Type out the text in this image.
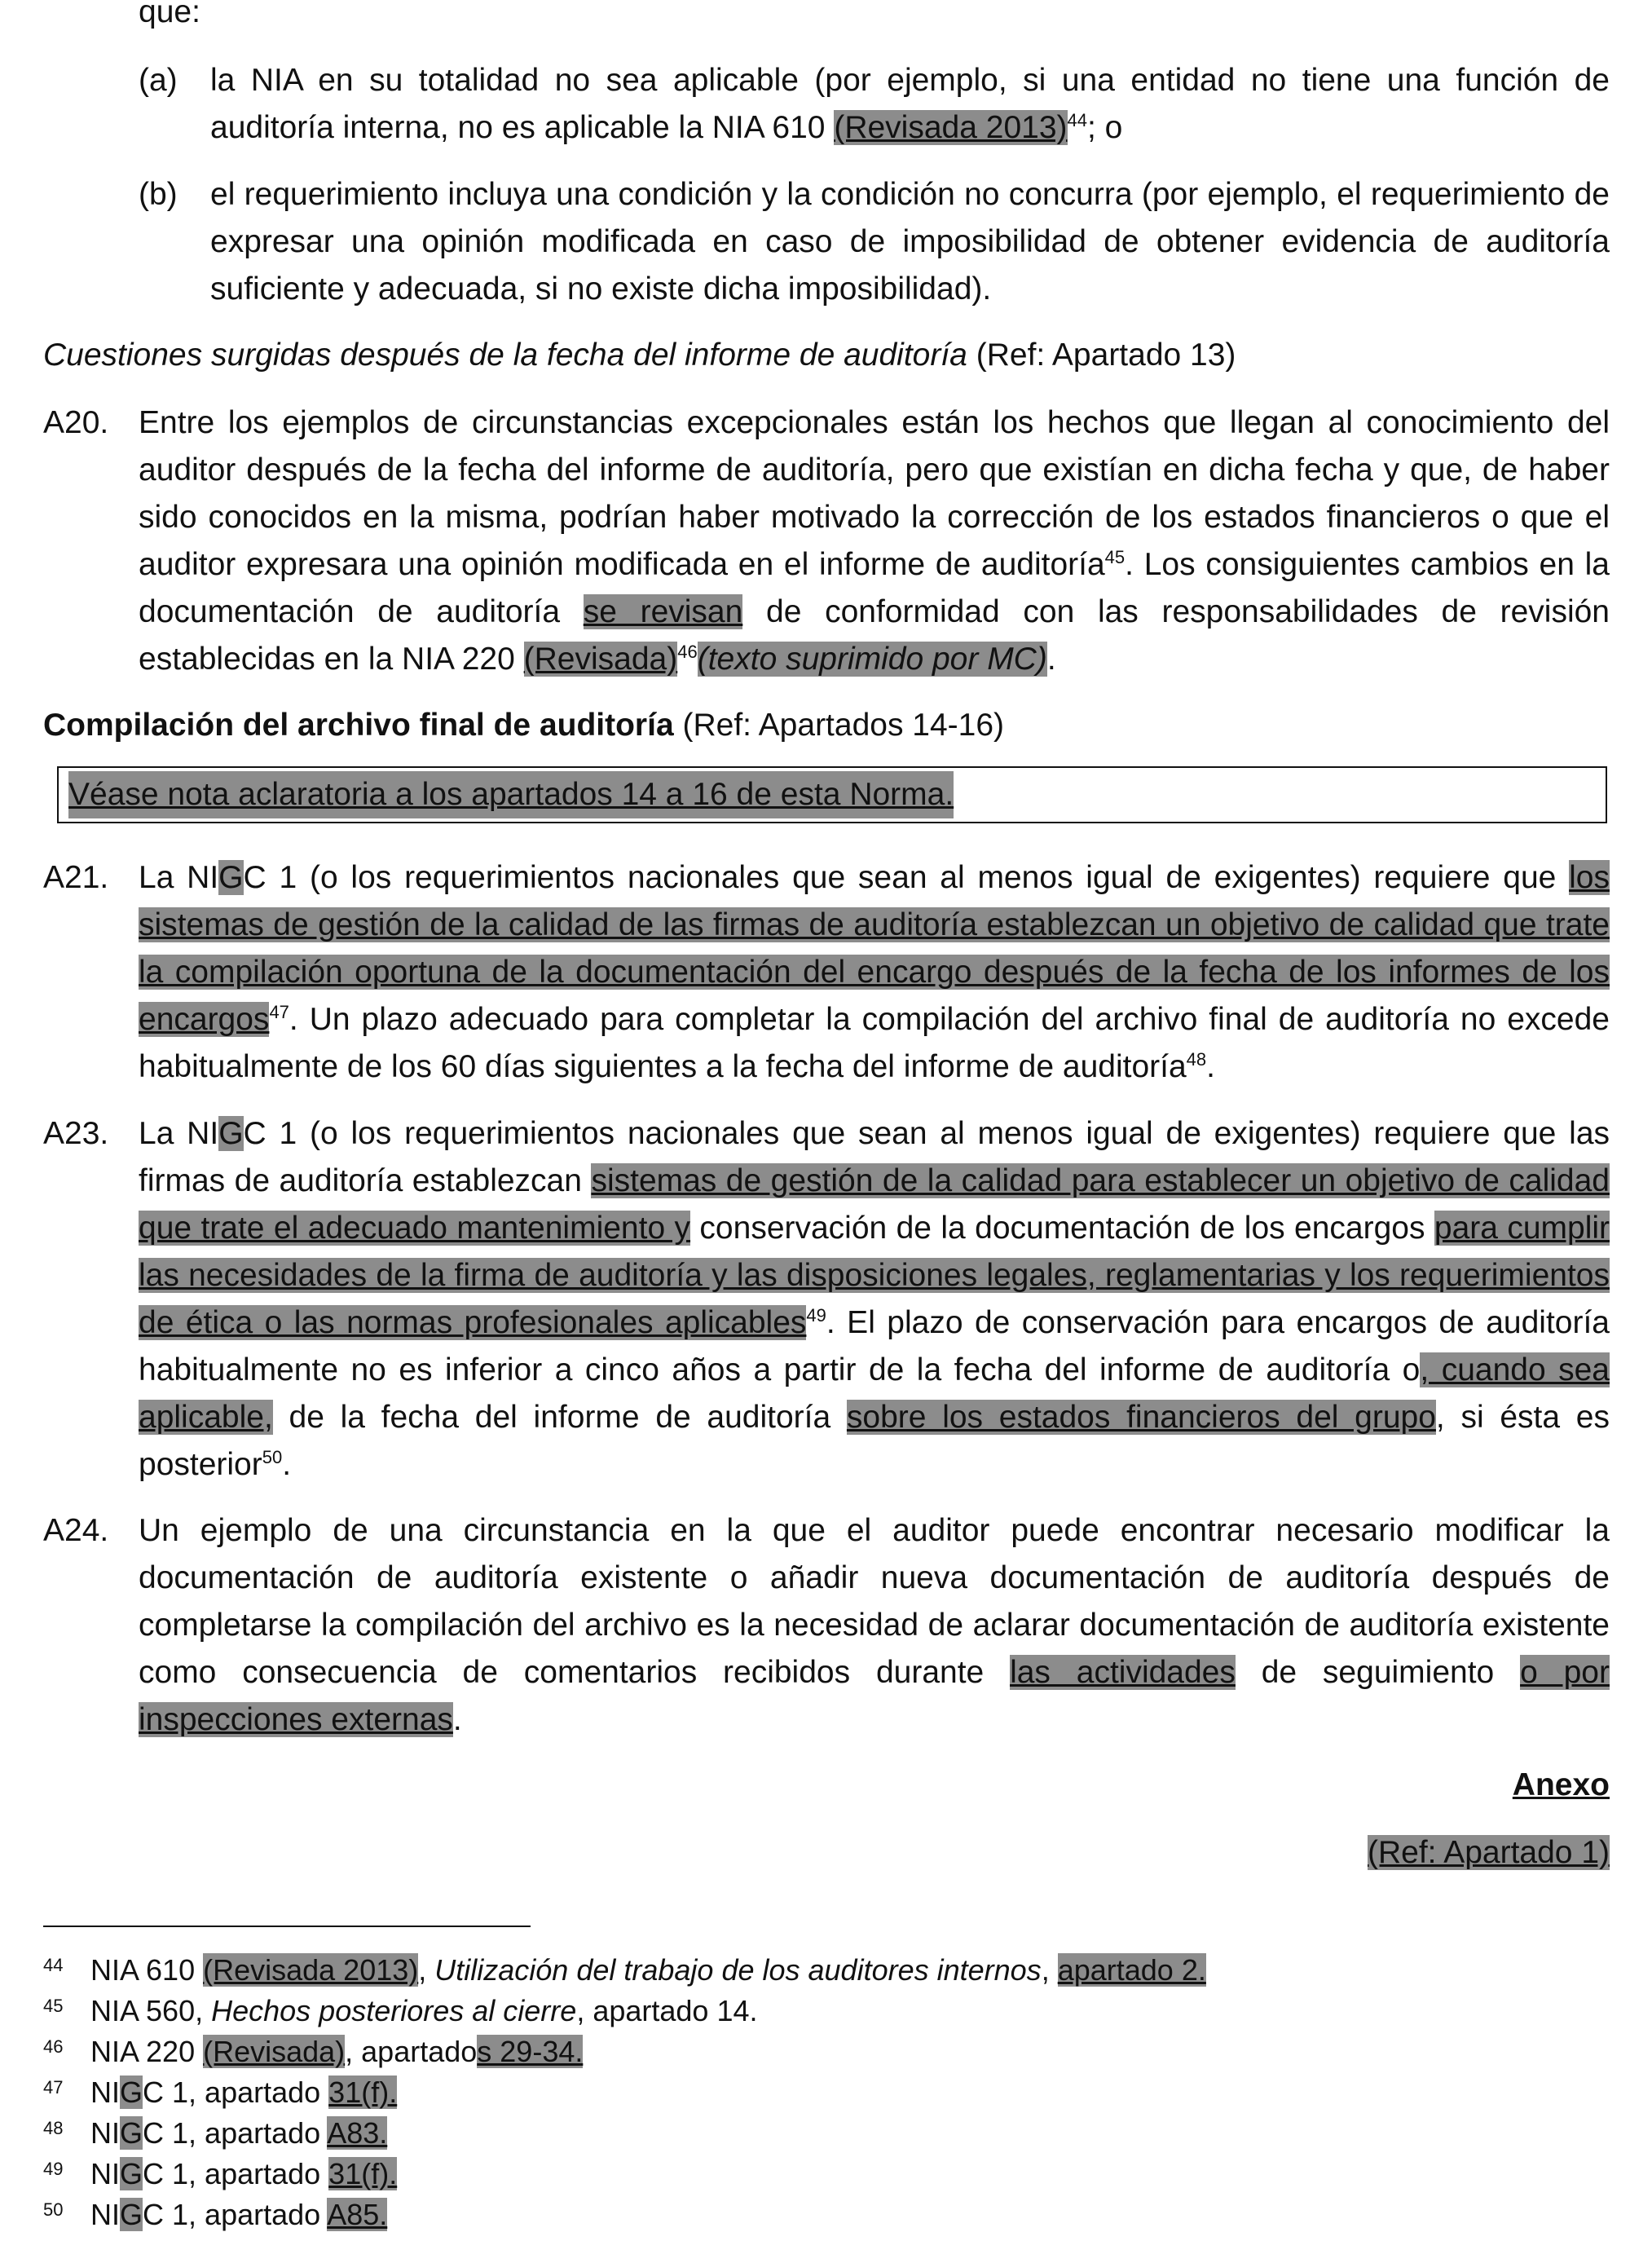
que:
(a) la NIA en su totalidad no sea aplicable (por ejemplo, si una entidad no tiene una función de auditoría interna, no es aplicable la NIA 610 (Revisada 2013)$^{44}$; o
(b) el requerimiento incluya una condición y la condición no concurra (por ejemplo, el requerimiento de expresar una opinión modificada en caso de imposibilidad de obtener evidencia de auditoría suficiente y adecuada, si no existe dicha imposibilidad).
Cuestiones surgidas después de la fecha del informe de auditoría (Ref: Apartado 13)
A20. Entre los ejemplos de circunstancias excepcionales están los hechos que llegan al conocimiento del auditor después de la fecha del informe de auditoría, pero que existían en dicha fecha y que, de haber sido conocidos en la misma, podrían haber motivado la corrección de los estados financieros o que el auditor expresara una opinión modificada en el informe de auditoría$^{45}$. Los consiguientes cambios en la documentación de auditoría se revisan de conformidad con las responsabilidades de revisión establecidas en la NIA 220 (Revisada)$^{46}$(texto suprimido por MC).
Compilación del archivo final de auditoría (Ref: Apartados 14-16)
Véase nota aclaratoria a los apartados 14 a 16 de esta Norma.
A21. La NIGC 1 (o los requerimientos nacionales que sean al menos igual de exigentes) requiere que los sistemas de gestión de la calidad de las firmas de auditoría establezcan un objetivo de calidad que trate la compilación oportuna de la documentación del encargo después de la fecha de los informes de los encargos$^{47}$. Un plazo adecuado para completar la compilación del archivo final de auditoría no excede habitualmente de los 60 días siguientes a la fecha del informe de auditoría$^{48}$.
A23. La NIGC 1 (o los requerimientos nacionales que sean al menos igual de exigentes) requiere que las firmas de auditoría establezcan sistemas de gestión de la calidad para establecer un objetivo de calidad que trate el adecuado mantenimiento y conservación de la documentación de los encargos para cumplir las necesidades de la firma de auditoría y las disposiciones legales, reglamentarias y los requerimientos de ética o las normas profesionales aplicables$^{49}$. El plazo de conservación para encargos de auditoría habitualmente no es inferior a cinco años a partir de la fecha del informe de auditoría o, cuando sea aplicable, de la fecha del informe de auditoría sobre los estados financieros del grupo, si ésta es posterior$^{50}$.
A24. Un ejemplo de una circunstancia en la que el auditor puede encontrar necesario modificar la documentación de auditoría existente o añadir nueva documentación de auditoría después de completarse la compilación del archivo es la necesidad de aclarar documentación de auditoría existente como consecuencia de comentarios recibidos durante las actividades de seguimiento o por inspecciones externas.
Anexo
(Ref: Apartado 1)
44 NIA 610 (Revisada 2013), Utilización del trabajo de los auditores internos, apartado 2.
45 NIA 560, Hechos posteriores al cierre, apartado 14.
46 NIA 220 (Revisada), apartados 29-34.
47 NIGC 1, apartado 31(f).
48 NIGC 1, apartado A83.
49 NIGC 1, apartado 31(f).
50 NIGC 1, apartado A85.
